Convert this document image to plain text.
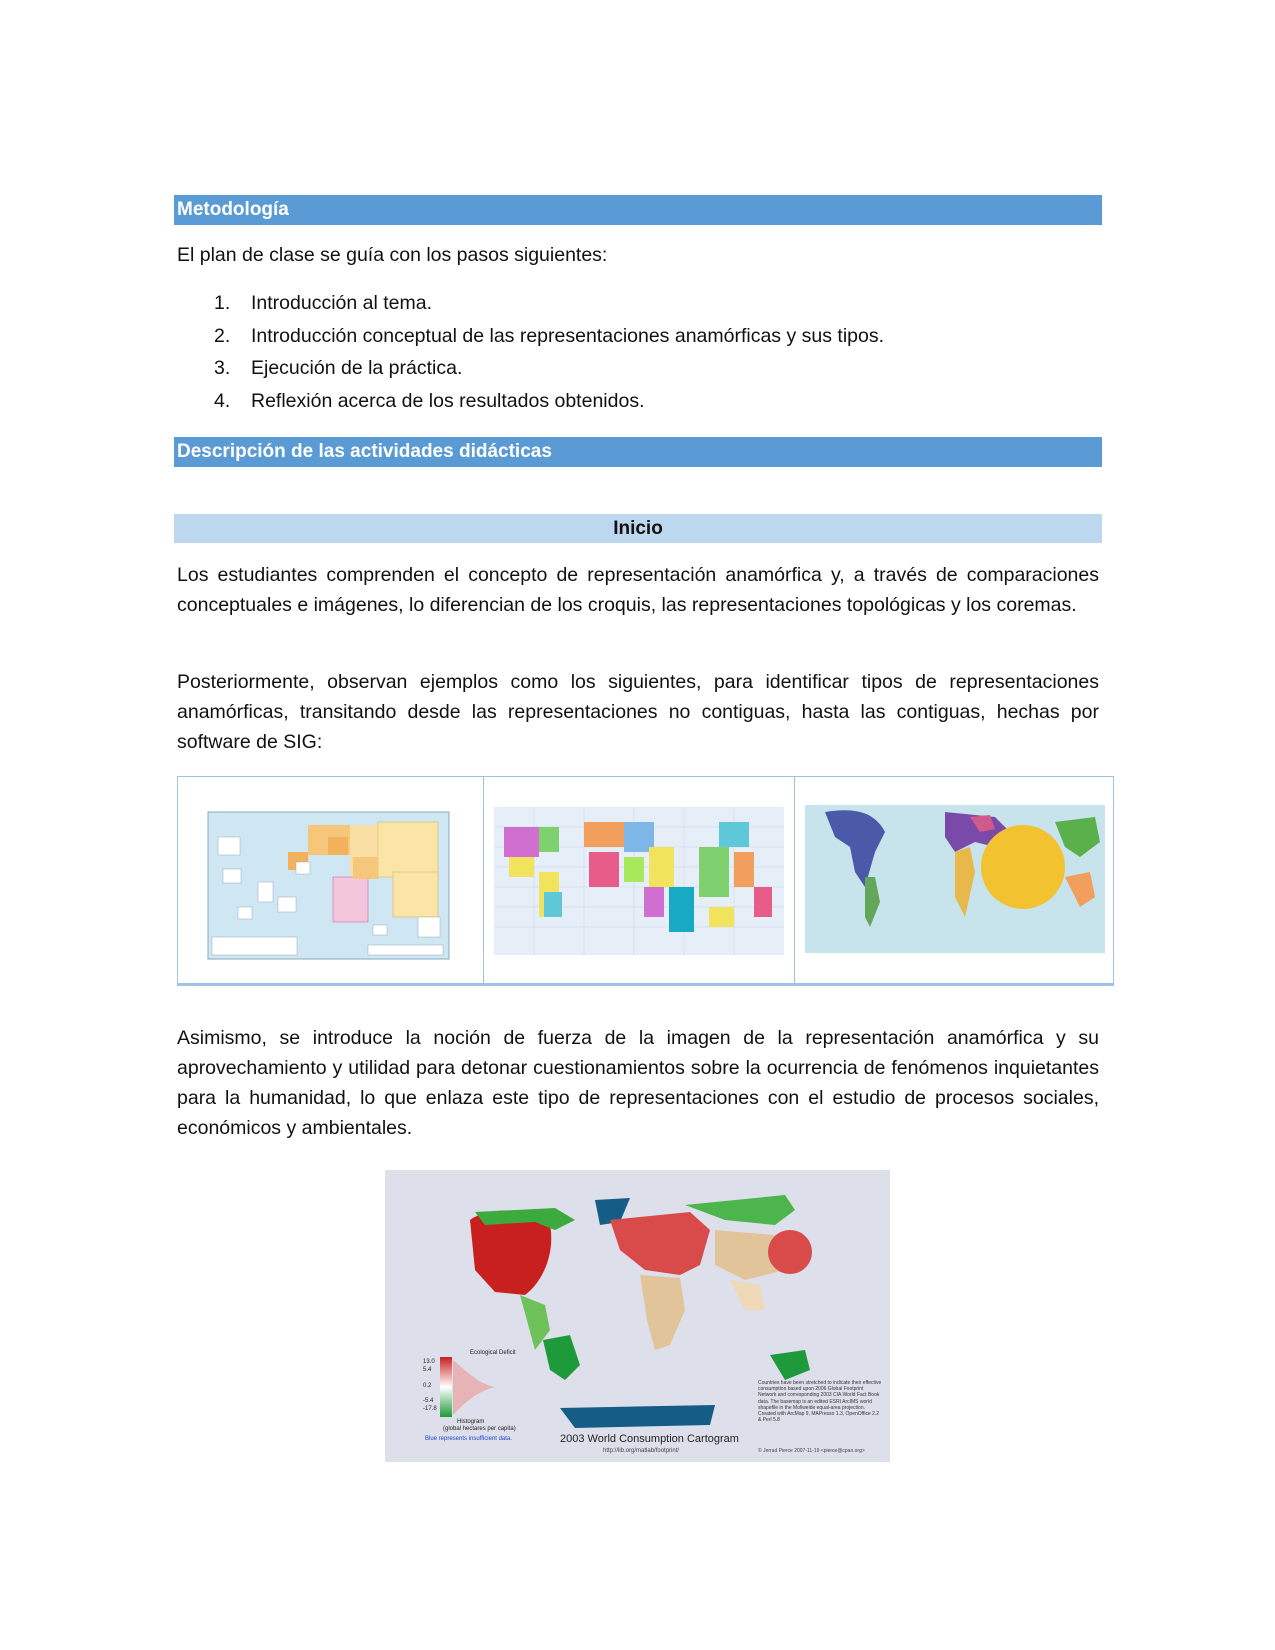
Metodología

El plan de clase se guía con los pasos siguientes:

1.	Introducción al tema.
2.	Introducción conceptual de las representaciones anamórficas y sus tipos.
3.	Ejecución de la práctica.
4.	Reflexión acerca de los resultados obtenidos.
Descripción de las actividades didácticas
Inicio

Los estudiantes comprenden el concepto de representación anamórfica y, a través de comparaciones conceptuales e imágenes, lo diferencian de los croquis, las representaciones topológicas y los coremas.

Posteriormente, observan ejemplos como los siguientes, para identificar tipos de representaciones anamórficas, transitando desde las representaciones no contiguas, hasta las contiguas, hechas por software de SIG:

Asimismo, se introduce la noción de fuerza de la imagen de la representación anamórfica y su aprovechamiento y utilidad para detonar cuestionamientos sobre la ocurrencia de fenómenos inquietantes para la humanidad, lo que enlaza este tipo de representaciones con el estudio de procesos sociales, económicos y ambientales.

Ecological Deficit
13.0
5.4
0.2
-5.4
-17.8
Histogram
(global hectares per capita)
Blue represents insufficient data.	2003 World Consumption Cartogram
http://lib.org/matlab/footprint/	© Jerrad Pierce 2007-11-19 <pierce@cpan.org>
Countries have been stretched to indicate their effective consumption based upon 2006 Global Footprint Network and corresponding 2003 CIA World Fact Book data. The basemap is an edited ESRI ArcIMS world shapefile in the Mollweide equal-area projection. Created with ArcMap 9, MAPresso 1.3, OpenOffice 2.2 & Perl 5.8
